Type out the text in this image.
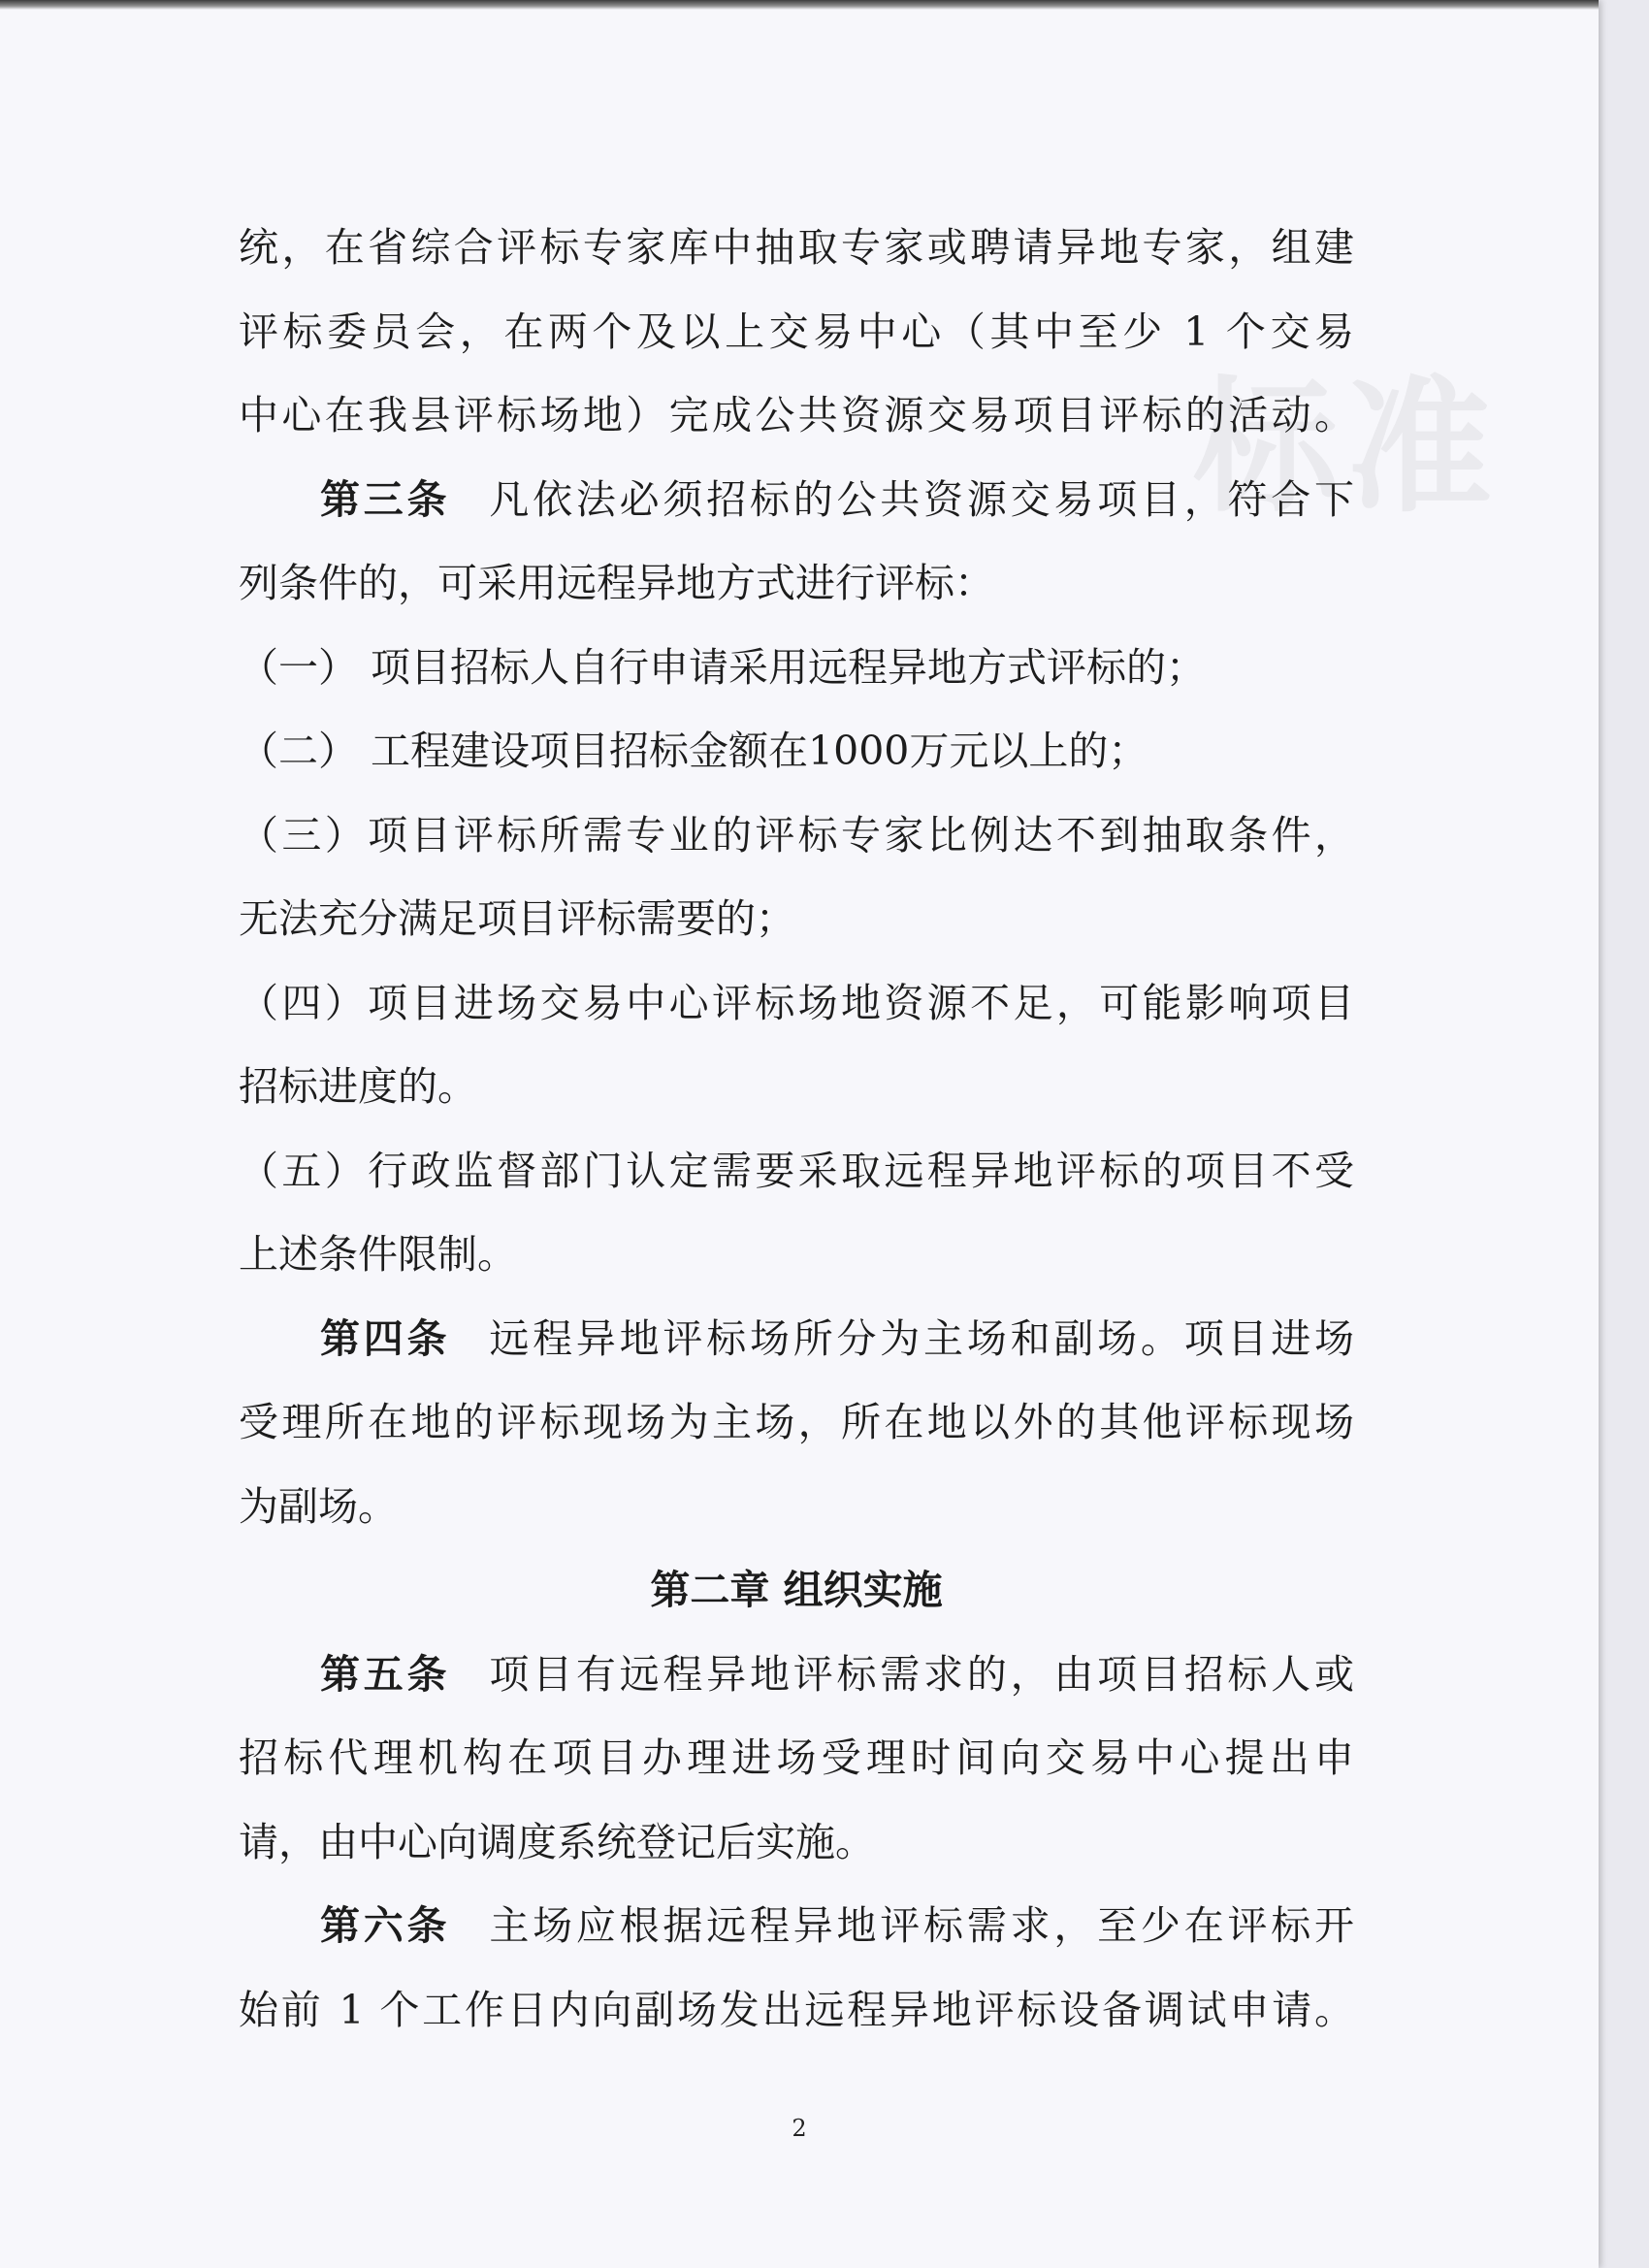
标准
统，在省综合评标专家库中抽取专家或聘请异地专家，组建
评标委员会，在两个及以上交易中心（其中至少 1 个交易
中心在我县评标场地）完成公共资源交易项目评标的活动。
第三条 凡依法必须招标的公共资源交易项目，符合下
列条件的，可采用远程异地方式进行评标：
（一） 项目招标人自行申请采用远程异地方式评标的；
（二） 工程建设项目招标金额在1000万元以上的；
（三）项目评标所需专业的评标专家比例达不到抽取条件，
无法充分满足项目评标需要的；
（四）项目进场交易中心评标场地资源不足，可能影响项目
招标进度的。
（五）行政监督部门认定需要采取远程异地评标的项目不受
上述条件限制。
第四条 远程异地评标场所分为主场和副场。项目进场
受理所在地的评标现场为主场，所在地以外的其他评标现场
为副场。
第二章 组织实施
第五条 项目有远程异地评标需求的，由项目招标人或
招标代理机构在项目办理进场受理时间向交易中心提出申
请，由中心向调度系统登记后实施。
第六条 主场应根据远程异地评标需求，至少在评标开
始前 1 个工作日内向副场发出远程异地评标设备调试申请。
2
